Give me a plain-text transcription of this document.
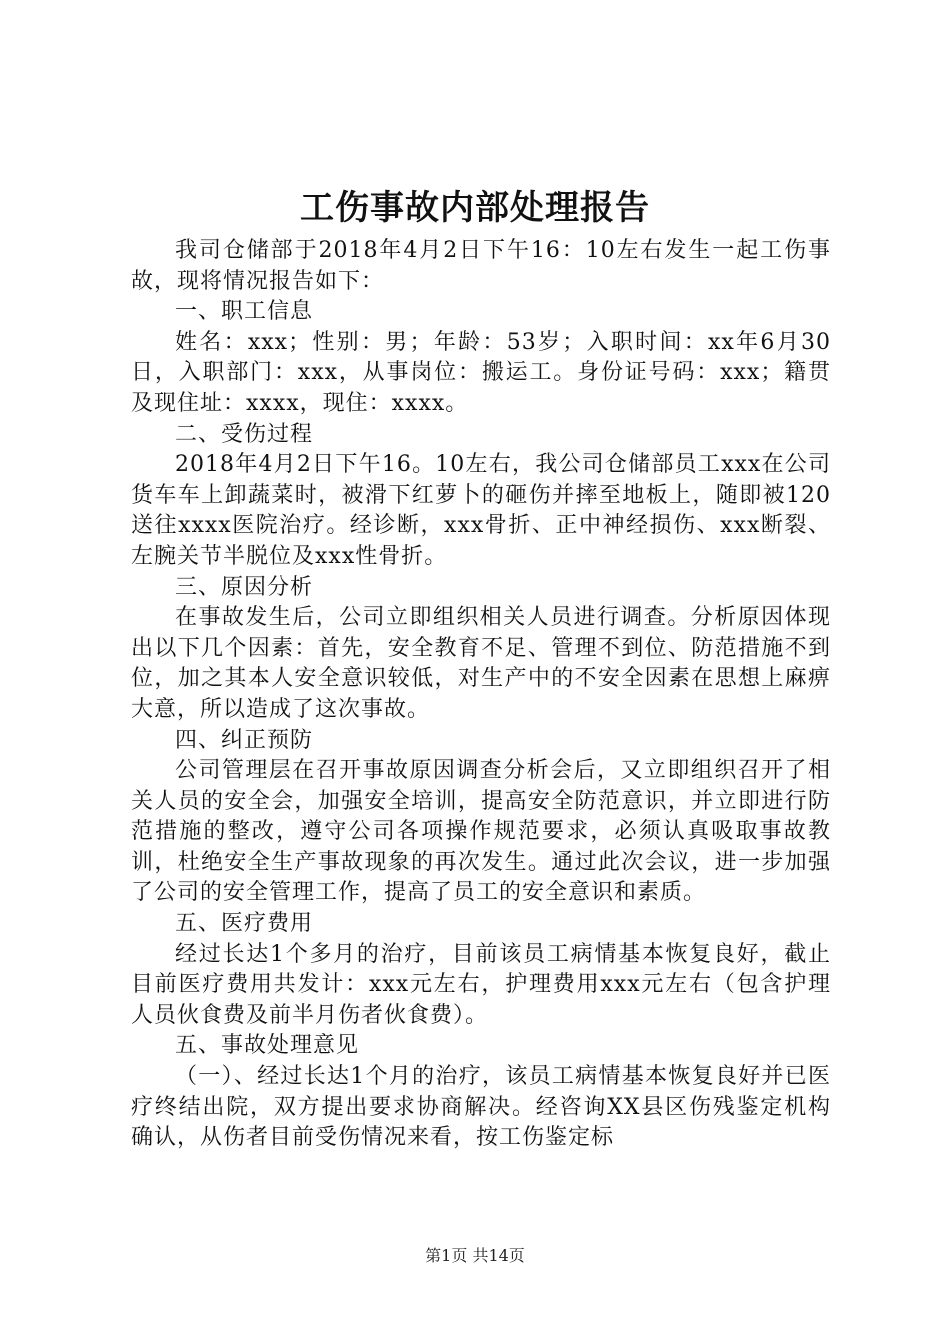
工伤事故内部处理报告

我司仓储部于2018年4月2日下午16：10左右发生一起工伤事故，现将情况报告如下：

一、职工信息

姓名：xxx；性别：男；年龄：53岁；入职时间：xx年6月30日，入职部门：xxx，从事岗位：搬运工。身份证号码：xxx；籍贯及现住址：xxxx，现住：xxxx。

二、受伤过程

2018年4月2日下午16。10左右，我公司仓储部员工xxx在公司货车车上卸蔬菜时，被滑下红萝卜的砸伤并摔至地板上，随即被120送往xxxx医院治疗。经诊断，xxx骨折、正中神经损伤、xxx断裂、左腕关节半脱位及xxx性骨折。

三、原因分析

在事故发生后，公司立即组织相关人员进行调查。分析原因体现出以下几个因素：首先，安全教育不足、管理不到位、防范措施不到位，加之其本人安全意识较低，对生产中的不安全因素在思想上麻痹大意，所以造成了这次事故。

四、纠正预防

公司管理层在召开事故原因调查分析会后，又立即组织召开了相关人员的安全会，加强安全培训，提高安全防范意识，并立即进行防范措施的整改，遵守公司各项操作规范要求，必须认真吸取事故教训，杜绝安全生产事故现象的再次发生。通过此次会议，进一步加强了公司的安全管理工作，提高了员工的安全意识和素质。

五、医疗费用

经过长达1个多月的治疗，目前该员工病情基本恢复良好，截止目前医疗费用共发计：xxx元左右，护理费用xxx元左右（包含护理人员伙食费及前半月伤者伙食费）。

五、事故处理意见

（一）、经过长达1个月的治疗，该员工病情基本恢复良好并已医疗终结出院，双方提出要求协商解决。经咨询XX县区伤残鉴定机构确认，从伤者目前受伤情况来看，按工伤鉴定标

第1页 共14页
